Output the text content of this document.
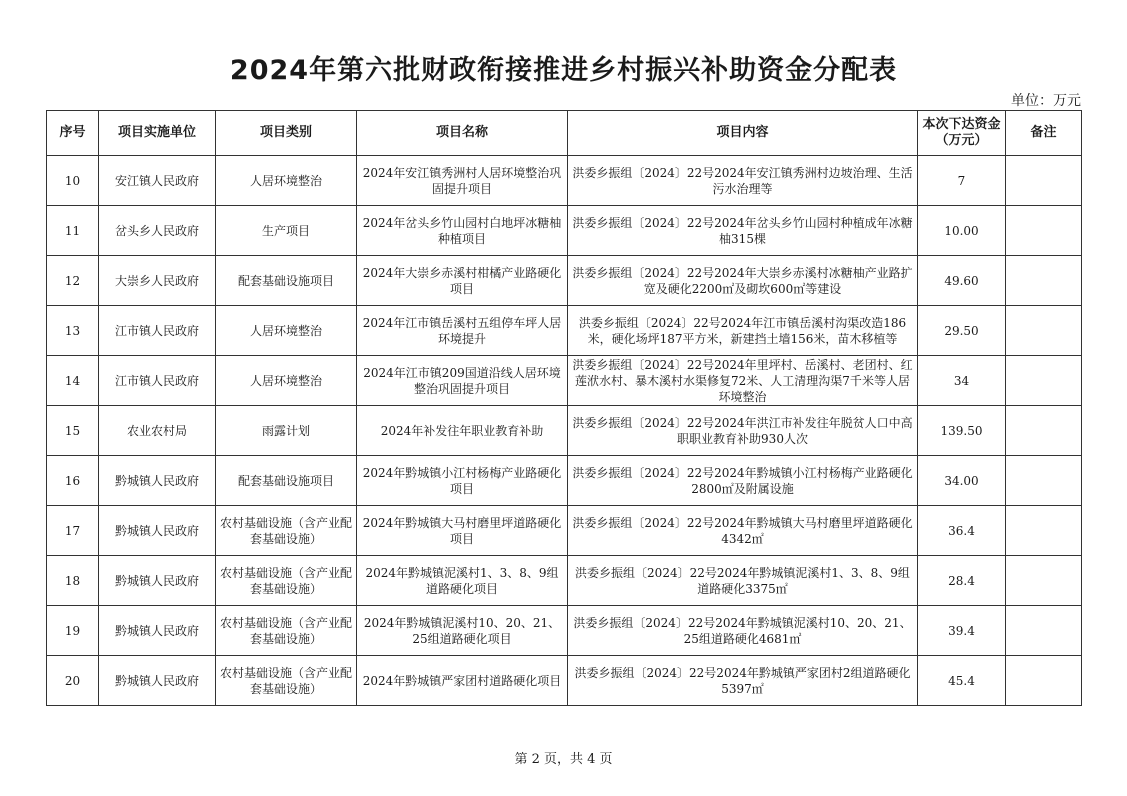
2024年第六批财政衔接推进乡村振兴补助资金分配表
单位：万元
序号	项目实施单位	项目类别	项目名称	项目内容	本次下达资金（万元）	备注
10	安江镇人民政府	人居环境整治	2024年安江镇秀洲村人居环境整治巩固提升项目	洪委乡振组〔2024〕22号2024年安江镇秀洲村边坡治理、生活污水治理等	7	
11	岔头乡人民政府	生产项目	2024年岔头乡竹山园村白地坪冰糖柚种植项目	洪委乡振组〔2024〕22号2024年岔头乡竹山园村种植成年冰糖柚315棵	10.00	
12	大崇乡人民政府	配套基础设施项目	2024年大崇乡赤溪村柑橘产业路硬化项目	洪委乡振组〔2024〕22号2024年大崇乡赤溪村冰糖柚产业路扩宽及硬化2200㎡及砌坎600㎡等建设	49.60	
13	江市镇人民政府	人居环境整治	2024年江市镇岳溪村五组停车坪人居环境提升	洪委乡振组〔2024〕22号2024年江市镇岳溪村沟渠改造186米，硬化场坪187平方米，新建挡土墙156米，苗木移植等	29.50	
14	江市镇人民政府	人居环境整治	2024年江市镇209国道沿线人居环境整治巩固提升项目	洪委乡振组〔2024〕22号2024年里坪村、岳溪村、老团村、红莲洑水村、暴木溪村水渠修复72米、人工清理沟渠7千米等人居环境整治	34	
15	农业农村局	雨露计划	2024年补发往年职业教育补助	洪委乡振组〔2024〕22号2024年洪江市补发往年脱贫人口中高职职业教育补助930人次	139.50	
16	黔城镇人民政府	配套基础设施项目	2024年黔城镇小江村杨梅产业路硬化项目	洪委乡振组〔2024〕22号2024年黔城镇小江村杨梅产业路硬化2800㎡及附属设施	34.00	
17	黔城镇人民政府	农村基础设施（含产业配套基础设施）	2024年黔城镇大马村磨里坪道路硬化项目	洪委乡振组〔2024〕22号2024年黔城镇大马村磨里坪道路硬化4342㎡	36.4	
18	黔城镇人民政府	农村基础设施（含产业配套基础设施）	2024年黔城镇泥溪村1、3、8、9组道路硬化项目	洪委乡振组〔2024〕22号2024年黔城镇泥溪村1、3、8、9组道路硬化3375㎡	28.4	
19	黔城镇人民政府	农村基础设施（含产业配套基础设施）	2024年黔城镇泥溪村10、20、21、25组道路硬化项目	洪委乡振组〔2024〕22号2024年黔城镇泥溪村10、20、21、25组道路硬化4681㎡	39.4	
20	黔城镇人民政府	农村基础设施（含产业配套基础设施）	2024年黔城镇严家团村道路硬化项目	洪委乡振组〔2024〕22号2024年黔城镇严家团村2组道路硬化5397㎡	45.4	
第 2 页，共 4 页
